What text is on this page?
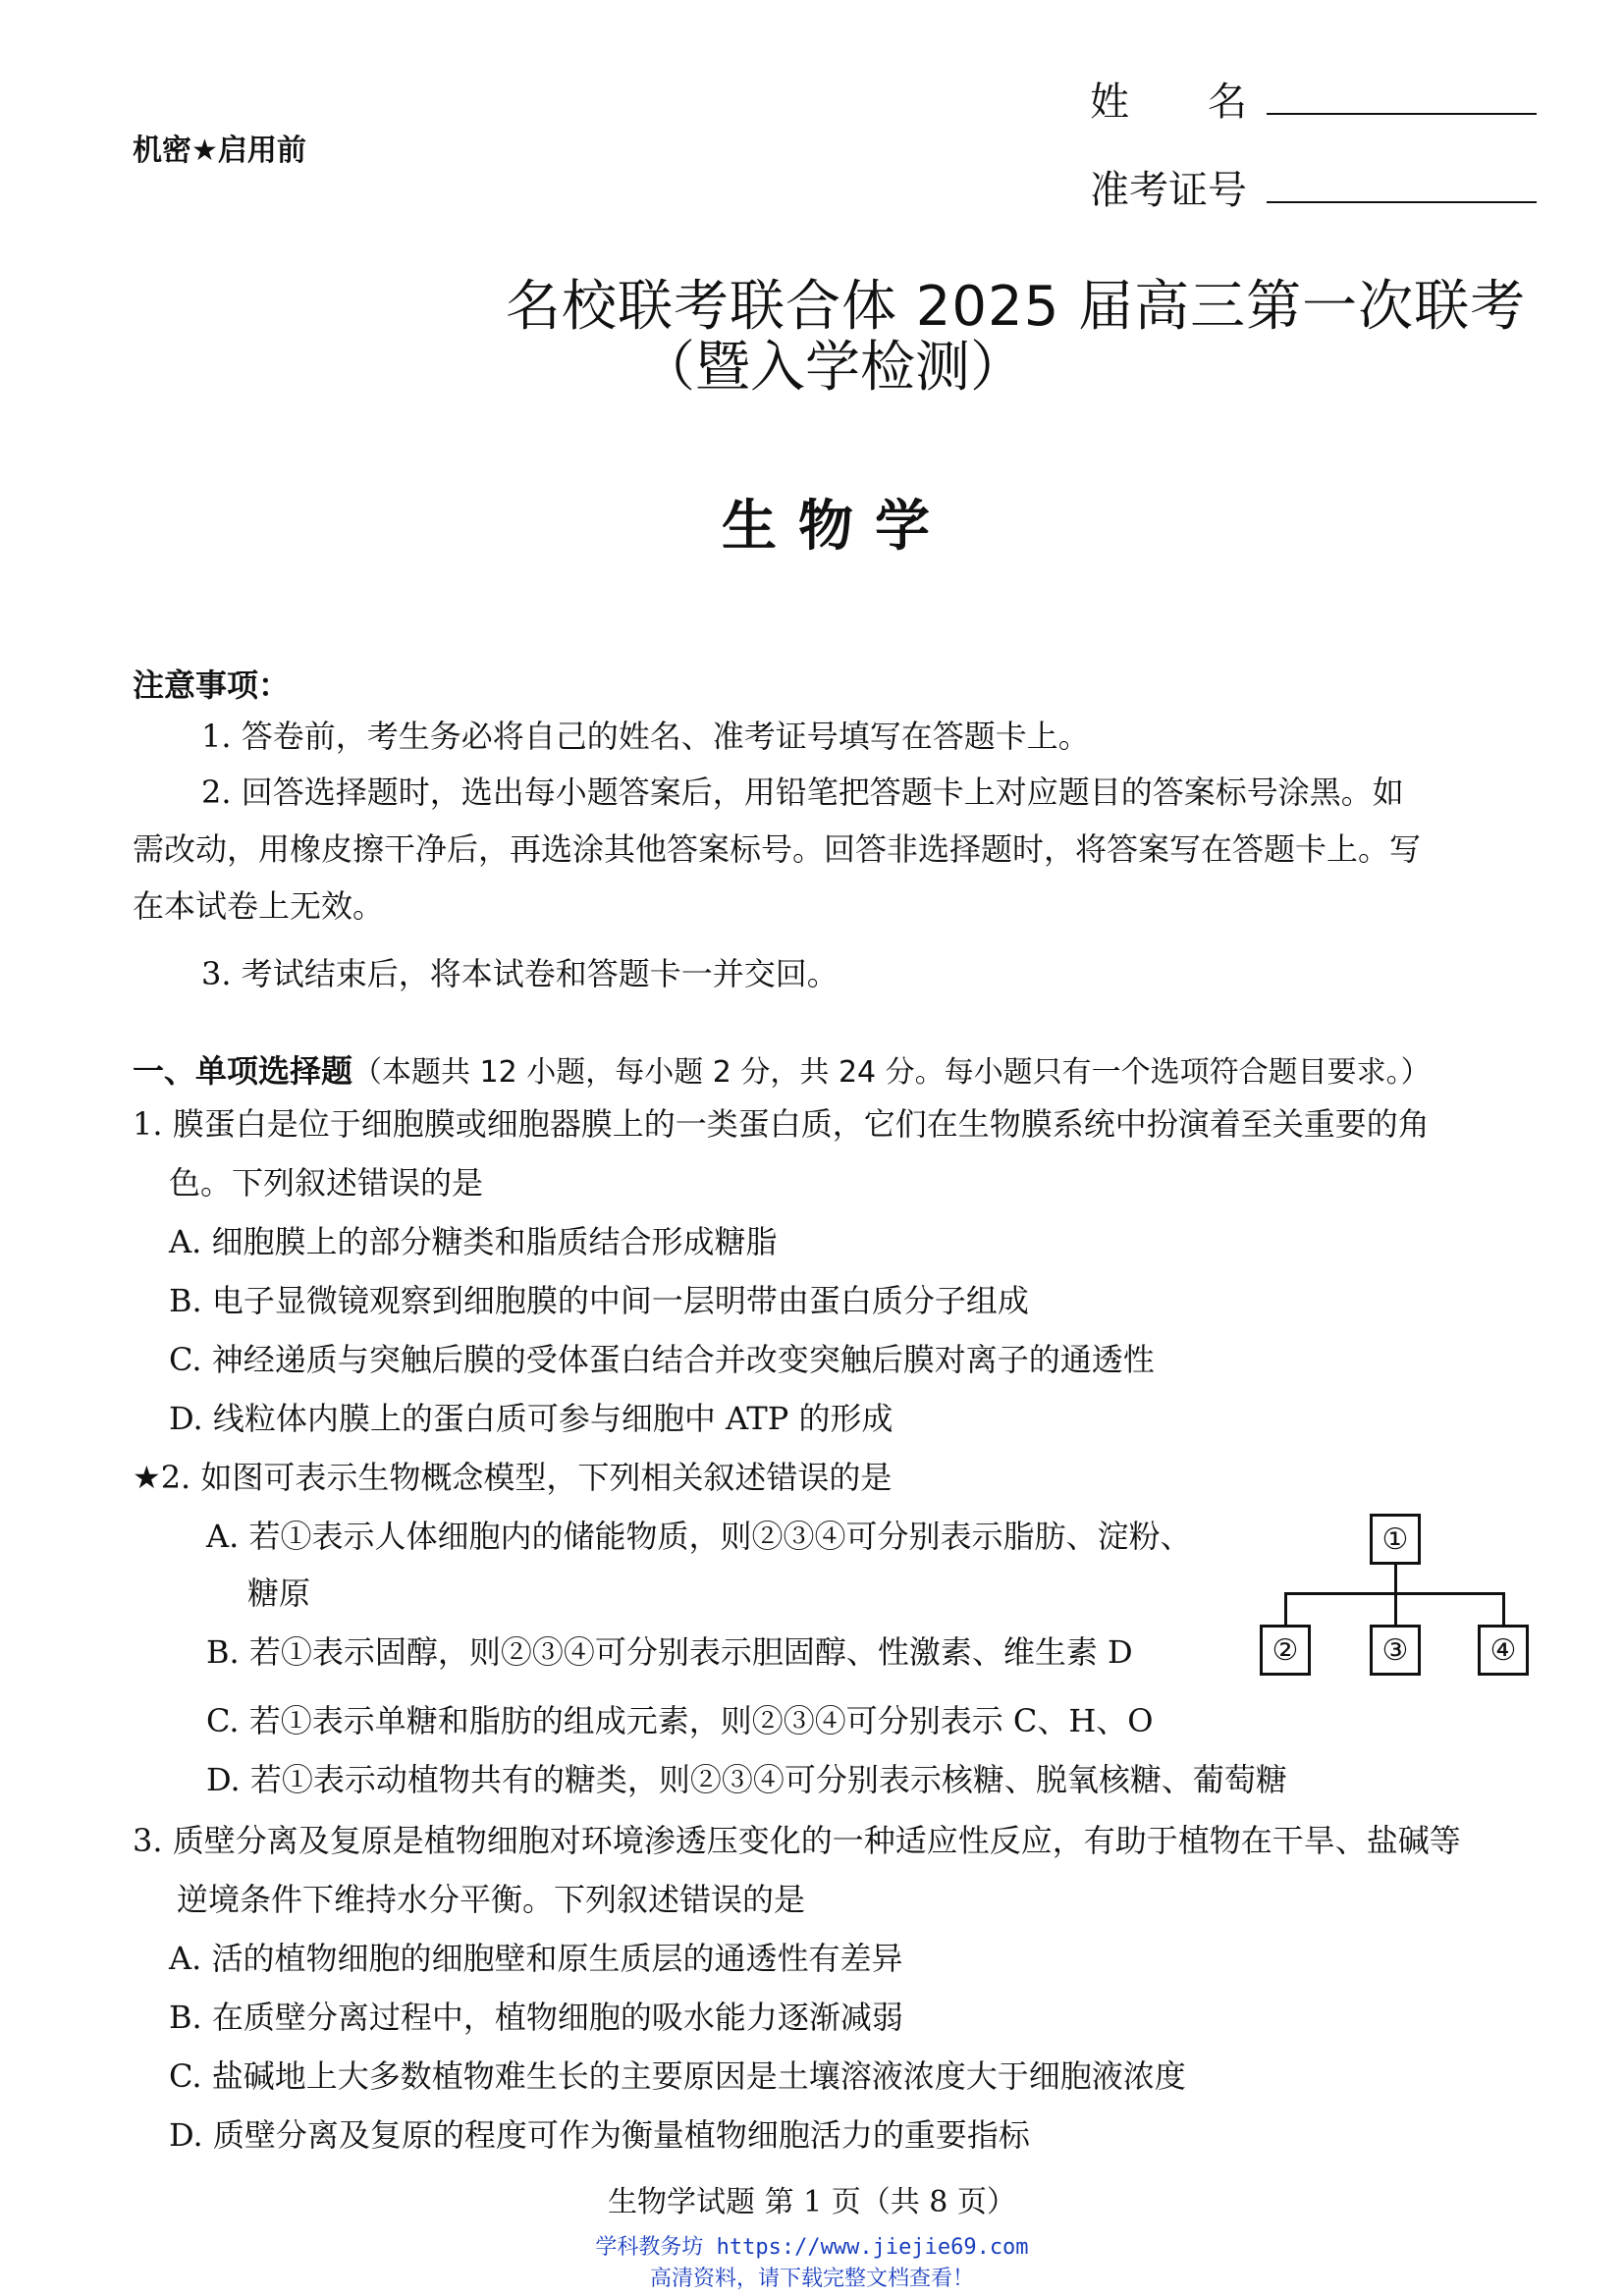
机密★启用前
姓　　名
准考证号
名校联考联合体 2025 届高三第一次联考
（暨入学检测）
生物学
注意事项：
1. 答卷前，考生务必将自己的姓名、准考证号填写在答题卡上。
2. 回答选择题时，选出每小题答案后，用铅笔把答题卡上对应题目的答案标号涂黑。如
需改动，用橡皮擦干净后，再选涂其他答案标号。回答非选择题时，将答案写在答题卡上。写
在本试卷上无效。
3. 考试结束后，将本试卷和答题卡一并交回。
一、单项选择题（本题共 12 小题，每小题 2 分，共 24 分。每小题只有一个选项符合题目要求。）
1. 膜蛋白是位于细胞膜或细胞器膜上的一类蛋白质，它们在生物膜系统中扮演着至关重要的角
色。下列叙述错误的是
A. 细胞膜上的部分糖类和脂质结合形成糖脂
B. 电子显微镜观察到细胞膜的中间一层明带由蛋白质分子组成
C. 神经递质与突触后膜的受体蛋白结合并改变突触后膜对离子的通透性
D. 线粒体内膜上的蛋白质可参与细胞中 ATP 的形成
★2. 如图可表示生物概念模型，下列相关叙述错误的是
A. 若①表示人体细胞内的储能物质，则②③④可分别表示脂肪、淀粉、
糖原
B. 若①表示固醇，则②③④可分别表示胆固醇、性激素、维生素 D
C. 若①表示单糖和脂肪的组成元素，则②③④可分别表示 C、H、O
D. 若①表示动植物共有的糖类，则②③④可分别表示核糖、脱氧核糖、葡萄糖
①
②	③	④
3. 质壁分离及复原是植物细胞对环境渗透压变化的一种适应性反应，有助于植物在干旱、盐碱等
逆境条件下维持水分平衡。下列叙述错误的是
A. 活的植物细胞的细胞壁和原生质层的通透性有差异
B. 在质壁分离过程中，植物细胞的吸水能力逐渐减弱
C. 盐碱地上大多数植物难生长的主要原因是土壤溶液浓度大于细胞液浓度
D. 质壁分离及复原的程度可作为衡量植物细胞活力的重要指标
生物学试题 第 1 页（共 8 页）
学科教务坊 https://www.jiejie69.com
高清资料，请下载完整文档查看！
